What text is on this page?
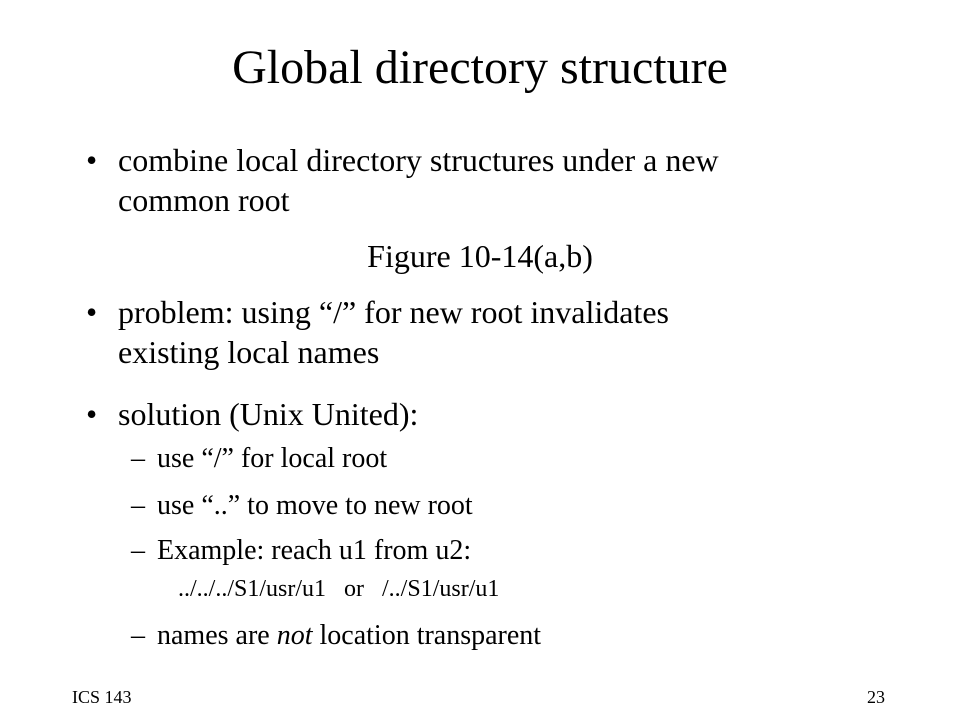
Global directory structure
• combine local directory structures under a new
common root
Figure 10-14(a,b)
• problem: using “/” for new root invalidates
existing local names
• solution (Unix United):
– use “/” for local root
– use “..” to move to new root
– Example: reach u1 from u2:
../../../S1/usr/u1   or   /../S1/usr/u1
– names are not location transparent
ICS 143	23
